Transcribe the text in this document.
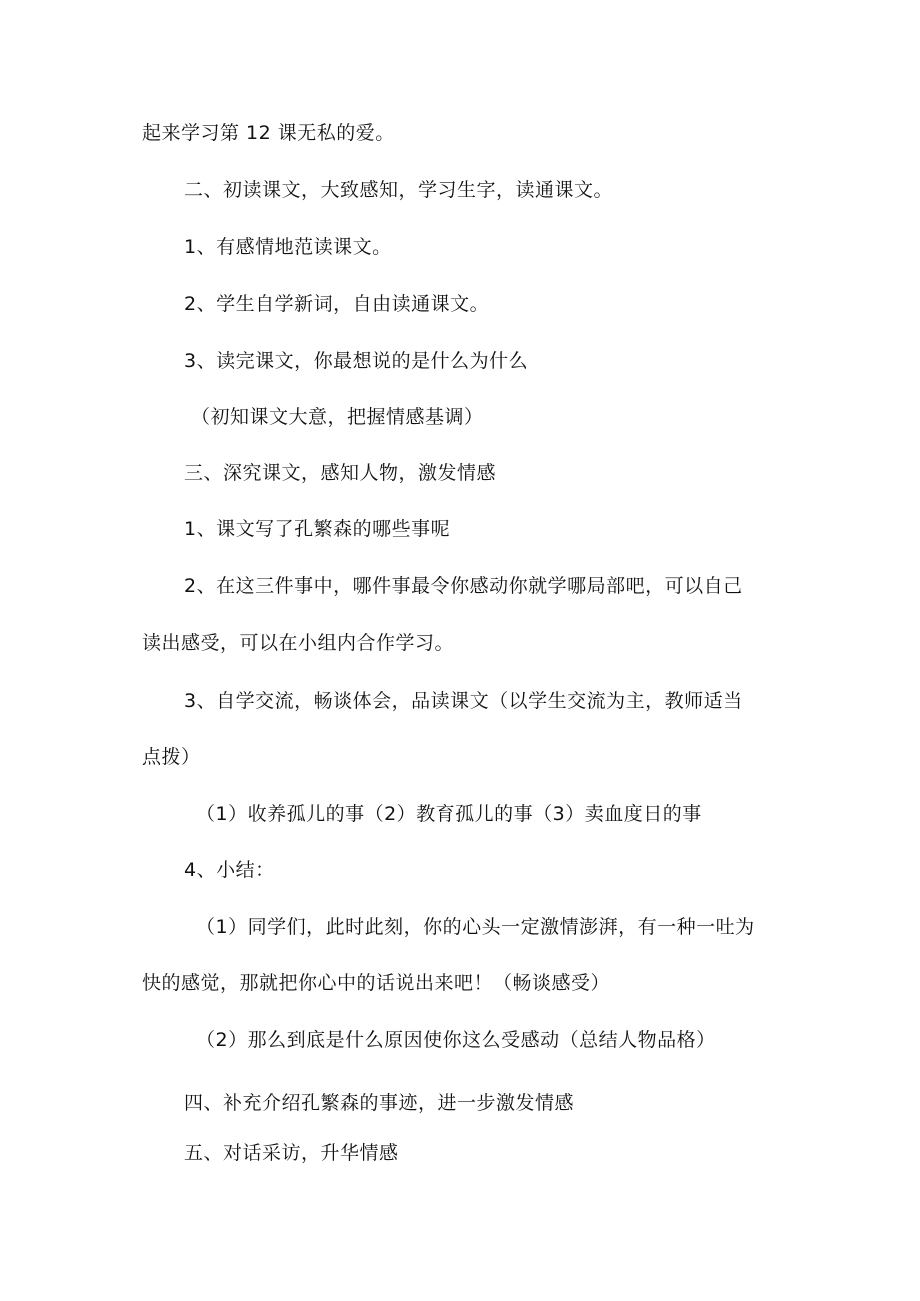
起来学习第 12 课无私的爱。
二、初读课文，大致感知，学习生字，读通课文。
1、有感情地范读课文。
2、学生自学新词，自由读通课文。
3、读完课文，你最想说的是什么为什么
（初知课文大意，把握情感基调）
三、深究课文，感知人物，激发情感
1、课文写了孔繁森的哪些事呢
2、在这三件事中，哪件事最令你感动你就学哪局部吧，可以自己
读出感受，可以在小组内合作学习。
3、自学交流，畅谈体会，品读课文（以学生交流为主，教师适当
点拨）
（1）收养孤儿的事（2）教育孤儿的事（3）卖血度日的事
4、小结：
（1）同学们，此时此刻，你的心头一定激情澎湃，有一种一吐为
快的感觉，那就把你心中的话说出来吧！（畅谈感受）
（2）那么到底是什么原因使你这么受感动（总结人物品格）
四、补充介绍孔繁森的事迹，进一步激发情感
五、对话采访，升华情感
